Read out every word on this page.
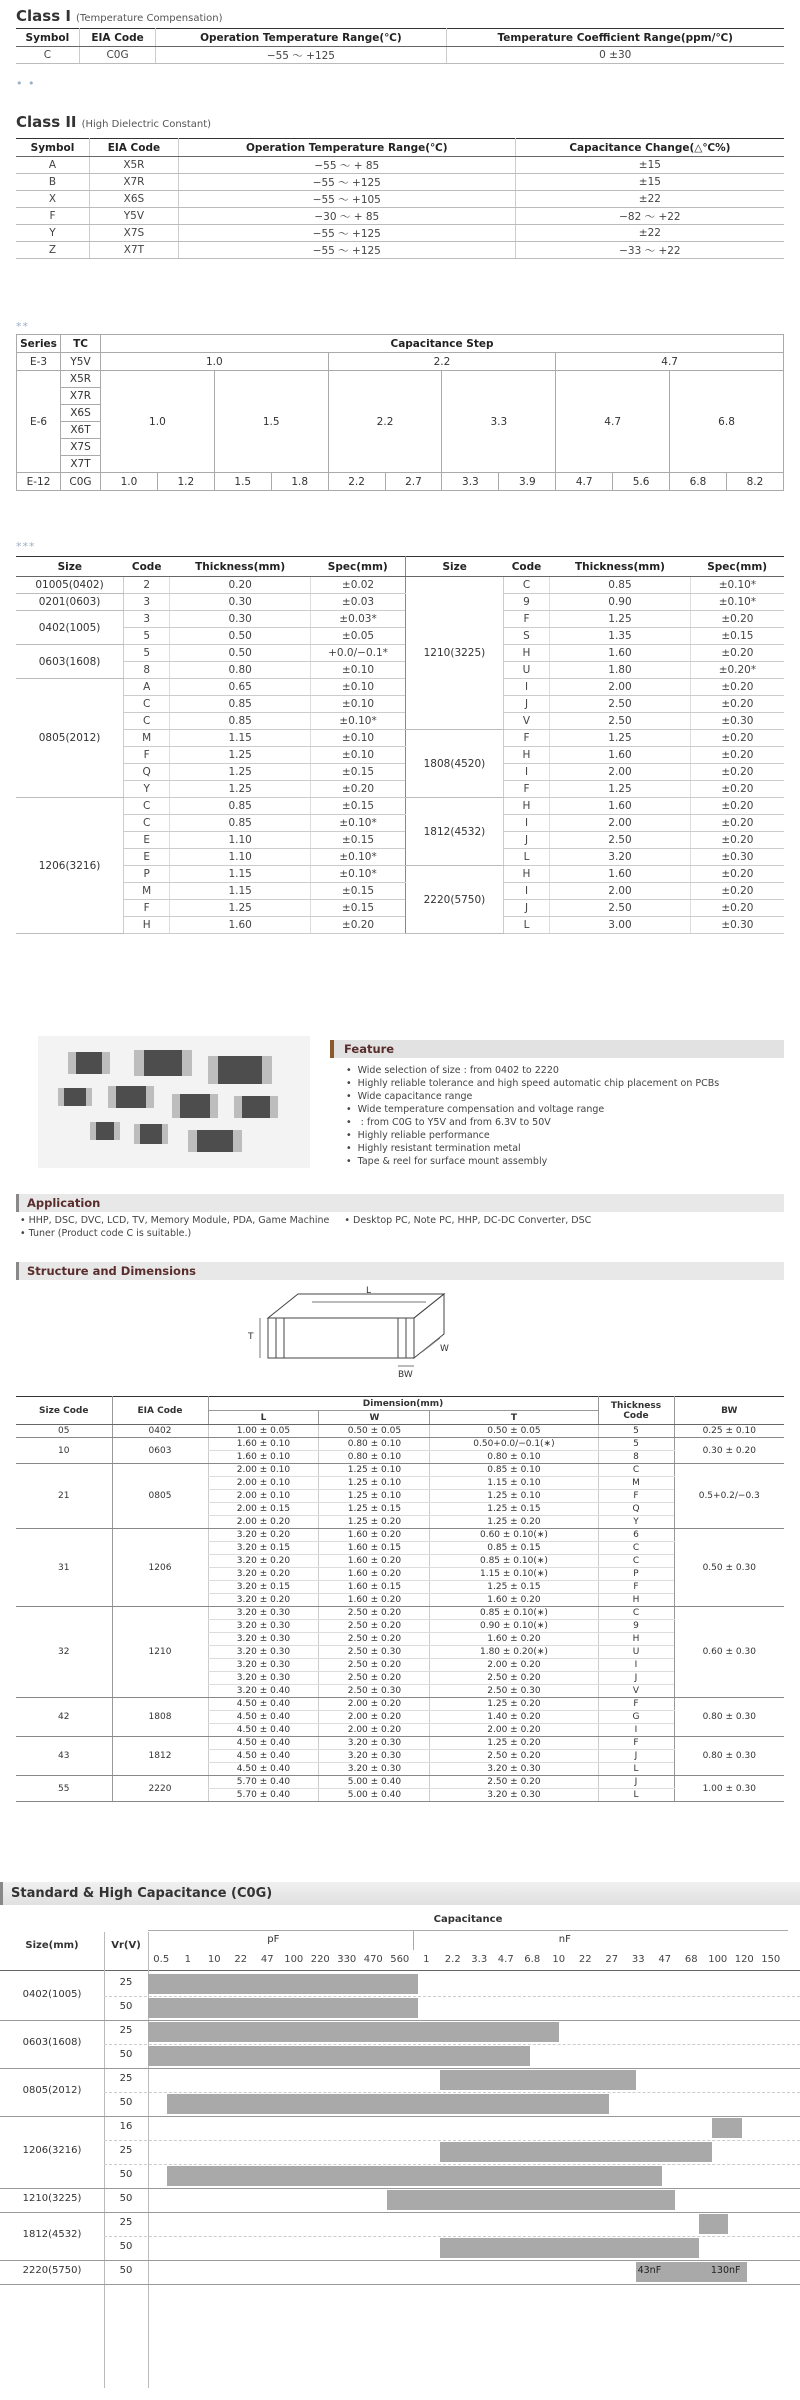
Class I (Temperature Compensation)
Symbol	EIA Code	Operation Temperature Range(℃)	Temperature Coefficient Range(ppm/℃)
C	C0G	−55 ～ +125	0 ±30
• •
Class II (High Dielectric Constant)
Symbol	EIA Code	Operation Temperature Range(℃)	Capacitance Change(△℃%)
A	X5R	−55 ～ + 85	±15
B	X7R	−55 ～ +125	±15
X	X6S	−55 ～ +105	±22
F	Y5V	−30 ～ + 85	−82 ～ +22
Y	X7S	−55 ～ +125	±22
Z	X7T	−55 ～ +125	−33 ～ +22
**
Series	TC	Capacitance Step											
E-3	Y5V	1.0				2.2				4.7			
E-6	X5R	1.0		1.5		2.2		3.3		4.7		6.8	
	X7R												
	X6S												
	X6T												
	X7S												
	X7T												
E-12	C0G	1.0	1.2	1.5	1.8	2.2	2.7	3.3	3.9	4.7	5.6	6.8	8.2
***
Size	Code	Thickness(mm)	Spec(mm)	Size	Code	Thickness(mm)	Spec(mm)
01005(0402)	2	0.20	±0.02	1210(3225)	C	0.85	±0.10*
0201(0603)	3	0.30	±0.03		9	0.90	±0.10*
0402(1005)	3	0.30	±0.03*		F	1.25	±0.20
	5	0.50	±0.05		S	1.35	±0.15
0603(1608)	5	0.50	+0.0/−0.1*		H	1.60	±0.20
	8	0.80	±0.10		U	1.80	±0.20*
0805(2012)	A	0.65	±0.10		I	2.00	±0.20
	C	0.85	±0.10		J	2.50	±0.20
	C	0.85	±0.10*		V	2.50	±0.30
	M	1.15	±0.10	1808(4520)	F	1.25	±0.20
	F	1.25	±0.10		H	1.60	±0.20
	Q	1.25	±0.15		I	2.00	±0.20
	Y	1.25	±0.20		F	1.25	±0.20
1206(3216)	C	0.85	±0.15	1812(4532)	H	1.60	±0.20
	C	0.85	±0.10*		I	2.00	±0.20
	E	1.10	±0.15		J	2.50	±0.20
	E	1.10	±0.10*		L	3.20	±0.30
	P	1.15	±0.10*	2220(5750)	H	1.60	±0.20
	M	1.15	±0.15		I	2.00	±0.20
	F	1.25	±0.15		J	2.50	±0.20
	H	1.60	±0.20		L	3.00	±0.30
Feature
• Wide selection of size : from 0402 to 2220
• Highly reliable tolerance and high speed automatic chip placement on PCBs
• Wide capacitance range
• Wide temperature compensation and voltage range
• : from C0G to Y5V and from 6.3V to 50V
• Highly reliable performance
• Highly resistant termination metal
• Tape & reel for surface mount assembly
Application
• HHP, DSC, DVC, LCD, TV, Memory Module, PDA, Game Machine • Desktop PC, Note PC, HHP, DC-DC Converter, DSC
• Tuner (Product code C is suitable.)
Structure and Dimensions
L
T
W
BW
Size Code	EIA Code	Dimension(mm)			Thickness Code	BW
		L	W	T		
05	0402	1.00 ± 0.05	0.50 ± 0.05	0.50 ± 0.05	5	0.25 ± 0.10
10	0603	1.60 ± 0.10	0.80 ± 0.10	0.50+0.0/−0.1(∗)	5	0.30 ± 0.20
		1.60 ± 0.10	0.80 ± 0.10	0.80 ± 0.10	8	
21	0805	2.00 ± 0.10	1.25 ± 0.10	0.85 ± 0.10	C	0.5+0.2/−0.3
		2.00 ± 0.10	1.25 ± 0.10	1.15 ± 0.10	M	
		2.00 ± 0.10	1.25 ± 0.10	1.25 ± 0.10	F	
		2.00 ± 0.15	1.25 ± 0.15	1.25 ± 0.15	Q	
		2.00 ± 0.20	1.25 ± 0.20	1.25 ± 0.20	Y	
31	1206	3.20 ± 0.20	1.60 ± 0.20	0.60 ± 0.10(∗)	6	0.50 ± 0.30
		3.20 ± 0.15	1.60 ± 0.15	0.85 ± 0.15	C	
		3.20 ± 0.20	1.60 ± 0.20	0.85 ± 0.10(∗)	C	
		3.20 ± 0.20	1.60 ± 0.20	1.15 ± 0.10(∗)	P	
		3.20 ± 0.15	1.60 ± 0.15	1.25 ± 0.15	F	
		3.20 ± 0.20	1.60 ± 0.20	1.60 ± 0.20	H	
32	1210	3.20 ± 0.30	2.50 ± 0.20	0.85 ± 0.10(∗)	C	0.60 ± 0.30
		3.20 ± 0.30	2.50 ± 0.20	0.90 ± 0.10(∗)	9	
		3.20 ± 0.30	2.50 ± 0.20	1.60 ± 0.20	H	
		3.20 ± 0.30	2.50 ± 0.30	1.80 ± 0.20(∗)	U	
		3.20 ± 0.30	2.50 ± 0.20	2.00 ± 0.20	I	
		3.20 ± 0.30	2.50 ± 0.20	2.50 ± 0.20	J	
		3.20 ± 0.40	2.50 ± 0.30	2.50 ± 0.30	V	
42	1808	4.50 ± 0.40	2.00 ± 0.20	1.25 ± 0.20	F	0.80 ± 0.30
		4.50 ± 0.40	2.00 ± 0.20	1.40 ± 0.20	G	
		4.50 ± 0.40	2.00 ± 0.20	2.00 ± 0.20	I	
43	1812	4.50 ± 0.40	3.20 ± 0.30	1.25 ± 0.20	F	0.80 ± 0.30
		4.50 ± 0.40	3.20 ± 0.30	2.50 ± 0.20	J	
		4.50 ± 0.40	3.20 ± 0.30	3.20 ± 0.30	L	
55	2220	5.70 ± 0.40	5.00 ± 0.40	2.50 ± 0.20	J	1.00 ± 0.30
		5.70 ± 0.40	5.00 ± 0.40	3.20 ± 0.30	L	
Standard & High Capacitance (C0G)
Size(mm)	Vr(V)
Capacitance
pF	nF
0.5	1	10	22	47	100 220 330 470 560	1	2.2	3.3	4.7	6.8	10	22	27	33	47	68	100 120 150
0402(1005)
25
50
0603(1608)
25
50
0805(2012)
25
50
1206(3216)
16
25
50
1210(3225)	50
1812(4532)
25
50
2220(5750)	50	43nF	130nF
